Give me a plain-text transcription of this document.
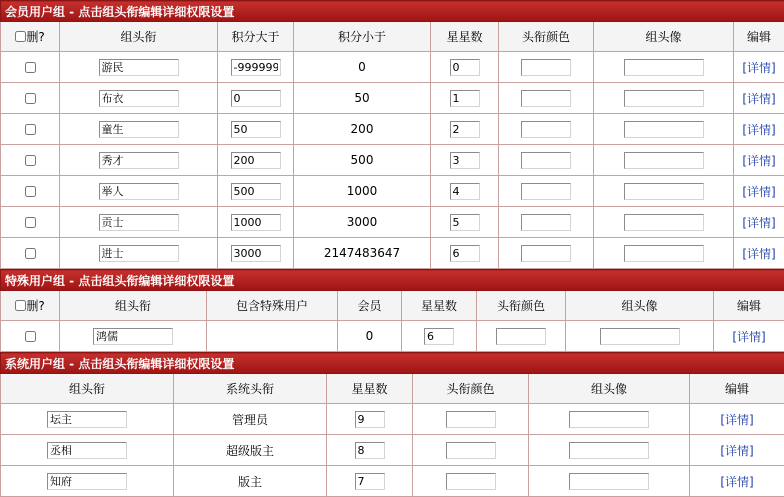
会员用户组 - 点击组头衔编辑详细权限设置							
删?	组头衔	积分大于	积分小于	星星数	头衔颜色	组头像	编辑
	游民	-9999999	0	0			[详情]
	布衣	0	50	1			[详情]
	童生	50	200	2			[详情]
	秀才	200	500	3			[详情]
	举人	500	1000	4			[详情]
	贡士	1000	3000	5			[详情]
	进士	3000	2147483647	6			[详情]
特殊用户组 - 点击组头衔编辑详细权限设置							
删?	组头衔	包含特殊用户	会员	星星数	头衔颜色	组头像	编辑
	鸿儒		0	6			[详情]
系统用户组 - 点击组头衔编辑详细权限设置					
组头衔	系统头衔	星星数	头衔颜色	组头像	编辑
坛主	管理员	9			[详情]
丞相	超级版主	8			[详情]
知府	版主	7			[详情]
